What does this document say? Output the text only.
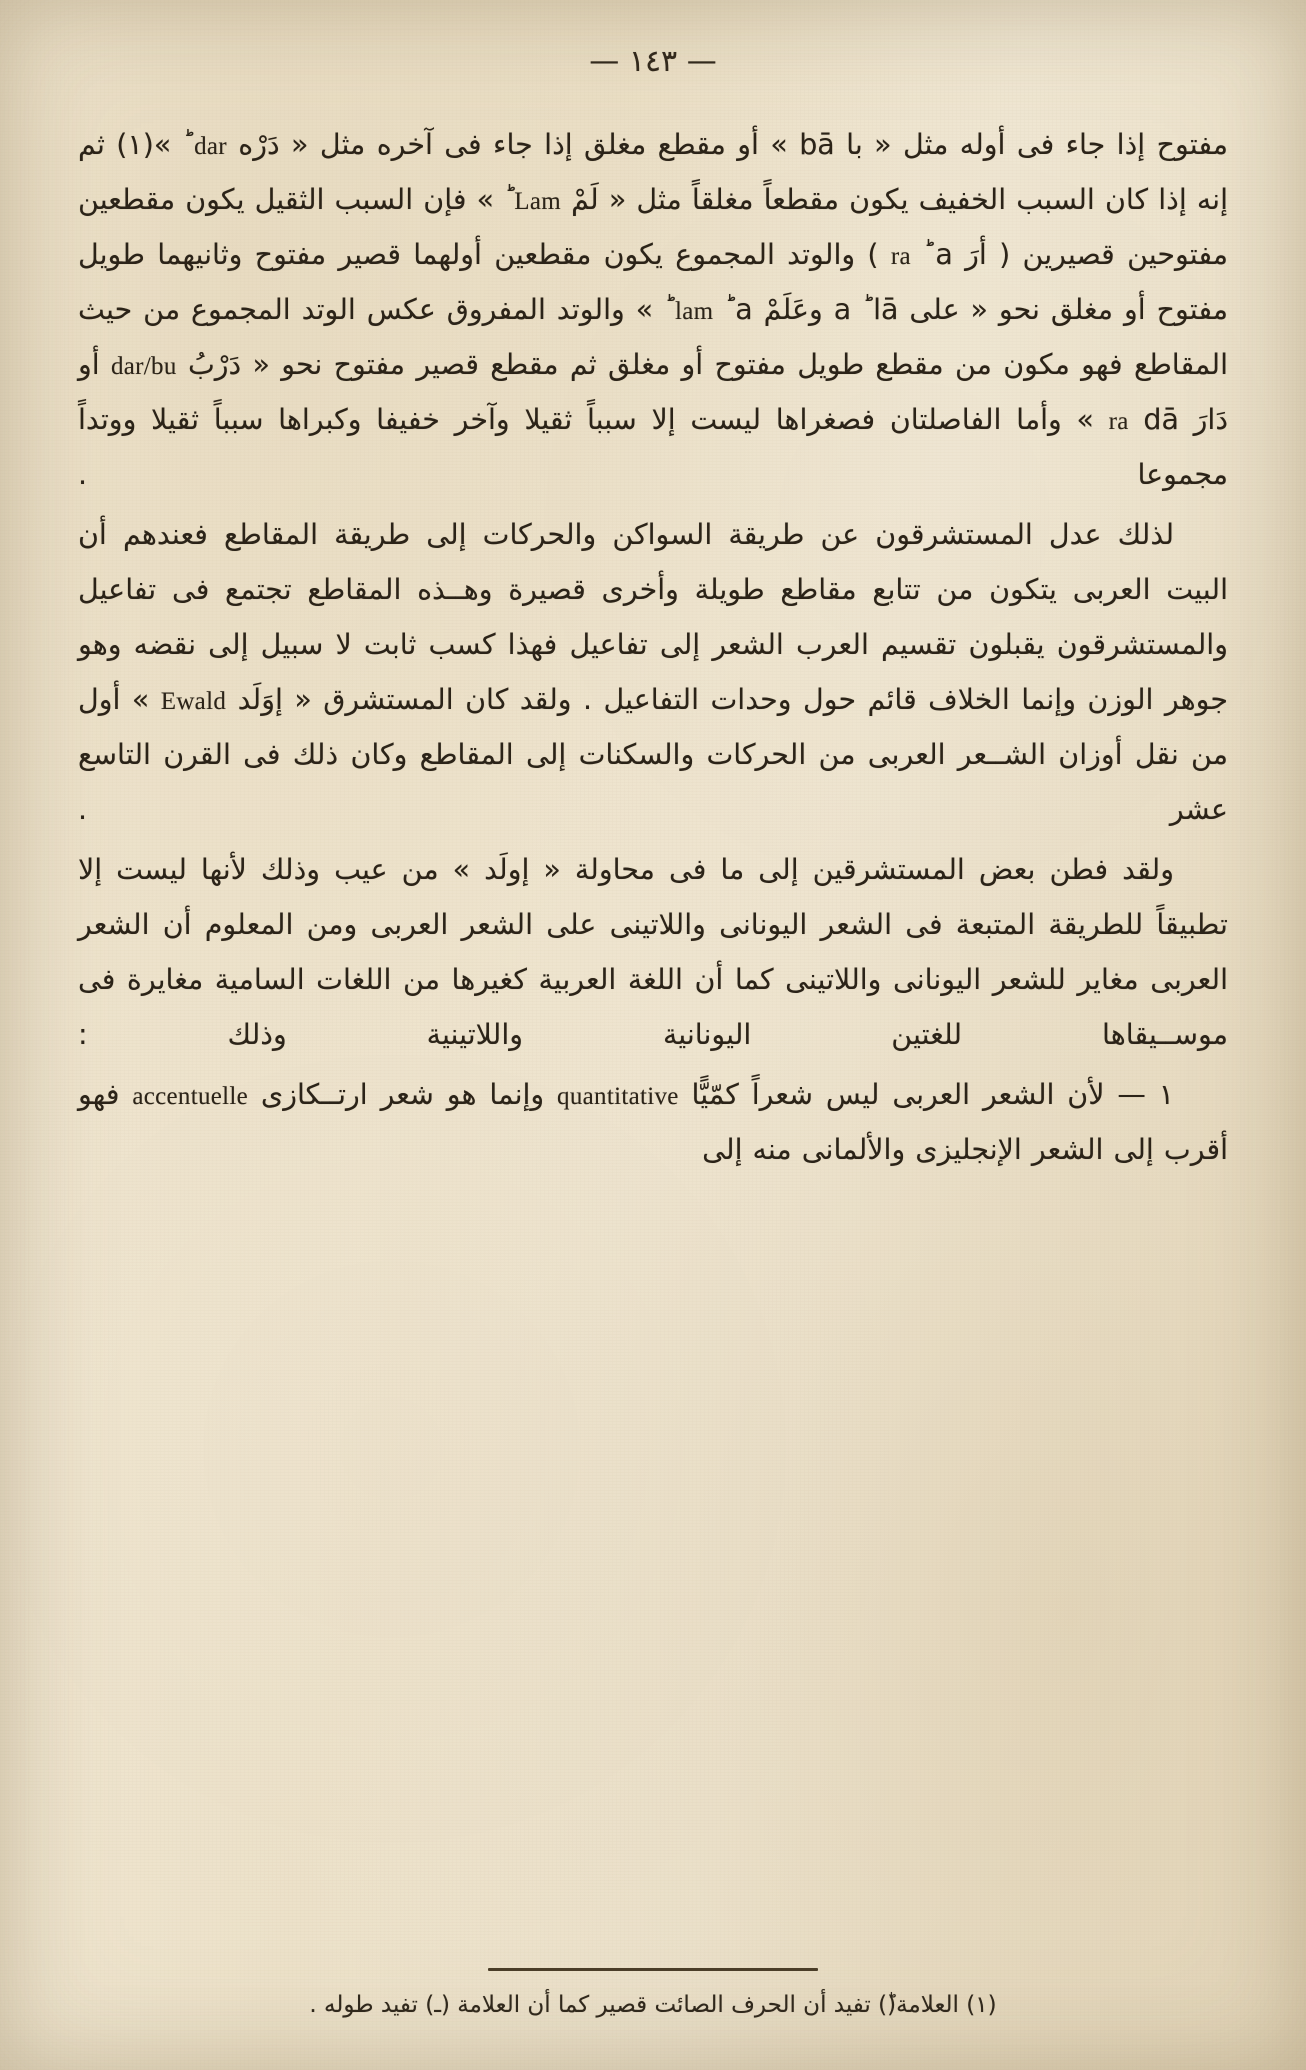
— ١٤٣ —

مفتوح إذا جاء فى أوله مثل « با bā » أو مقطع مغلق إذا جاء فى آخره مثل « دَرْه dar ؕ »(١) ثم إنه إذا كان السبب الخفيف يكون مقطعاً مغلقاً مثل « لَمْ Lam ؕ » فإن السبب الثقيل يكون مقطعين مفتوحين قصيرين ( أرَ a ؕ ra ) والوتد المجموع يكون مقطعين أولهما قصير مفتوح وثانيهما طويل مفتوح أو مغلق نحو « على a ؕ lā وعَلَمْ a ؕ lam ؕ » والوتد المفروق عكس الوتد المجموع من حيث المقاطع فهو مكون من مقطع طويل مفتوح أو مغلق ثم مقطع قصير مفتوح نحو « دَرْبُ dar/bu أو دَارَ dā ra » وأما الفاصلتان فصغراها ليست إلا سبباً ثقيلا وآخر خفيفا وكبراها سبباً ثقيلا ووتداً مجموعا .

لذلك عدل المستشرقون عن طريقة السواكن والحركات إلى طريقة المقاطع فعندهم أن البيت العربى يتكون من تتابع مقاطع طويلة وأخرى قصيرة وهــذه المقاطع تجتمع فى تفاعيل والمستشرقون يقبلون تقسيم العرب الشعر إلى تفاعيل فهذا كسب ثابت لا سبيل إلى نقضه وهو جوهر الوزن وإنما الخلاف قائم حول وحدات التفاعيل . ولقد كان المستشرق « إوَلَد Ewald » أول من نقل أوزان الشــعر العربى من الحركات والسكنات إلى المقاطع وكان ذلك فى القرن التاسع عشر .

ولقد فطن بعض المستشرقين إلى ما فى محاولة « إولَد » من عيب وذلك لأنها ليست إلا تطبيقاً للطريقة المتبعة فى الشعر اليونانى واللاتينى على الشعر العربى ومن المعلوم أن الشعر العربى مغاير للشعر اليونانى واللاتينى كما أن اللغة العربية كغيرها من اللغات السامية مغايرة فى موســيقاها للغتين اليونانية واللاتينية وذلك :

١ — لأن الشعر العربى ليس شعراً كمّيًّا quantitative وإنما هو شعر ارتــكازى accentuelle فهو أقرب إلى الشعر الإنجليزى والألمانى منه إلى

(١) العلامة(ؕ) تفيد أن الحرف الصائت قصير كما أن العلامة (ـ) تفيد طوله .
